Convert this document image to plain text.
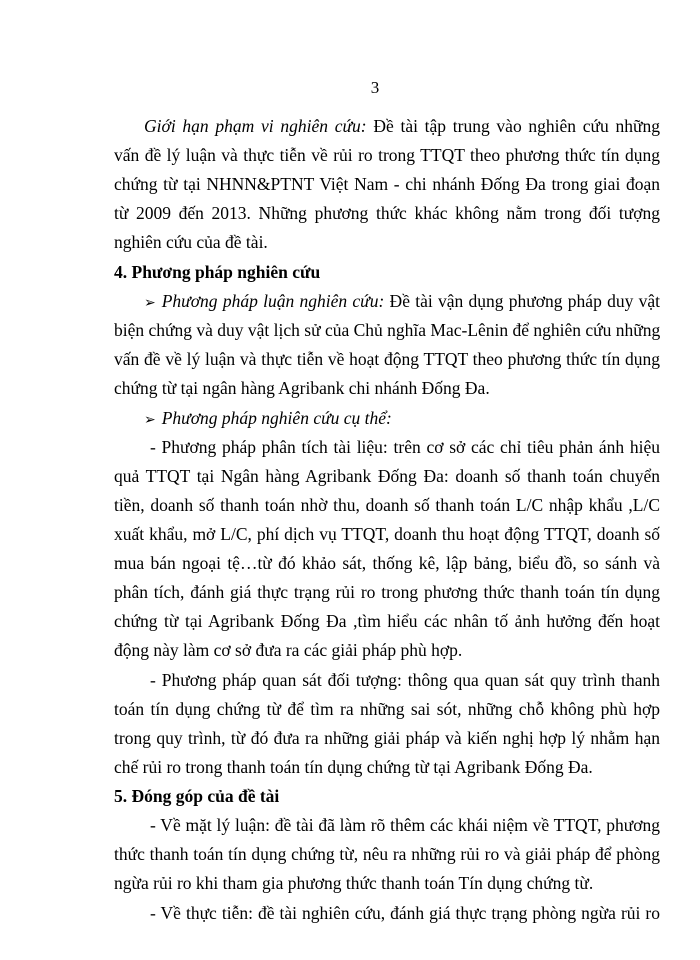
3
Giới hạn phạm vi nghiên cứu: Đề tài tập trung vào nghiên cứu những
vấn đề lý luận và thực tiễn về rủi ro trong TTQT theo phương thức tín dụng
chứng từ tại NHNN&PTNT Việt Nam - chi nhánh Đống Đa trong giai đoạn
từ 2009 đến 2013. Những phương thức khác không nằm trong đối tượng
nghiên cứu của đề tài.
4. Phương pháp nghiên cứu
➢ Phương pháp luận nghiên cứu: Đề tài vận dụng phương pháp duy vật
biện chứng và duy vật lịch sử của Chủ nghĩa Mac-Lênin để nghiên cứu những
vấn đề về lý luận và thực tiễn về hoạt động TTQT theo phương thức tín dụng
chứng từ tại ngân hàng Agribank chi nhánh Đống Đa.
➢ Phương pháp nghiên cứu cụ thể:
- Phương pháp phân tích tài liệu: trên cơ sở các chỉ tiêu phản ánh hiệu
quả TTQT tại Ngân hàng Agribank Đống Đa: doanh số thanh toán chuyển
tiền, doanh số thanh toán nhờ thu, doanh số thanh toán L/C nhập khẩu ,L/C
xuất khẩu, mở L/C, phí dịch vụ TTQT, doanh thu hoạt động TTQT, doanh số
mua bán ngoại tệ…từ đó khảo sát, thống kê, lập bảng, biểu đồ, so sánh và
phân tích, đánh giá thực trạng rủi ro trong phương thức thanh toán tín dụng
chứng từ tại Agribank Đống Đa ,tìm hiểu các nhân tố ảnh hưởng đến hoạt
động này làm cơ sở đưa ra các giải pháp phù hợp.
- Phương pháp quan sát đối tượng: thông qua quan sát quy trình thanh
toán tín dụng chứng từ để tìm ra những sai sót, những chỗ không phù hợp
trong quy trình, từ đó đưa ra những giải pháp và kiến nghị hợp lý nhằm hạn
chế rủi ro trong thanh toán tín dụng chứng từ tại Agribank Đống Đa.
5. Đóng góp của đề tài
- Về mặt lý luận: đề tài đã làm rõ thêm các khái niệm về TTQT, phương
thức thanh toán tín dụng chứng từ, nêu ra những rủi ro và giải pháp để phòng
ngừa rủi ro khi tham gia phương thức thanh toán Tín dụng chứng từ.
- Về thực tiễn: đề tài nghiên cứu, đánh giá thực trạng phòng ngừa rủi ro
